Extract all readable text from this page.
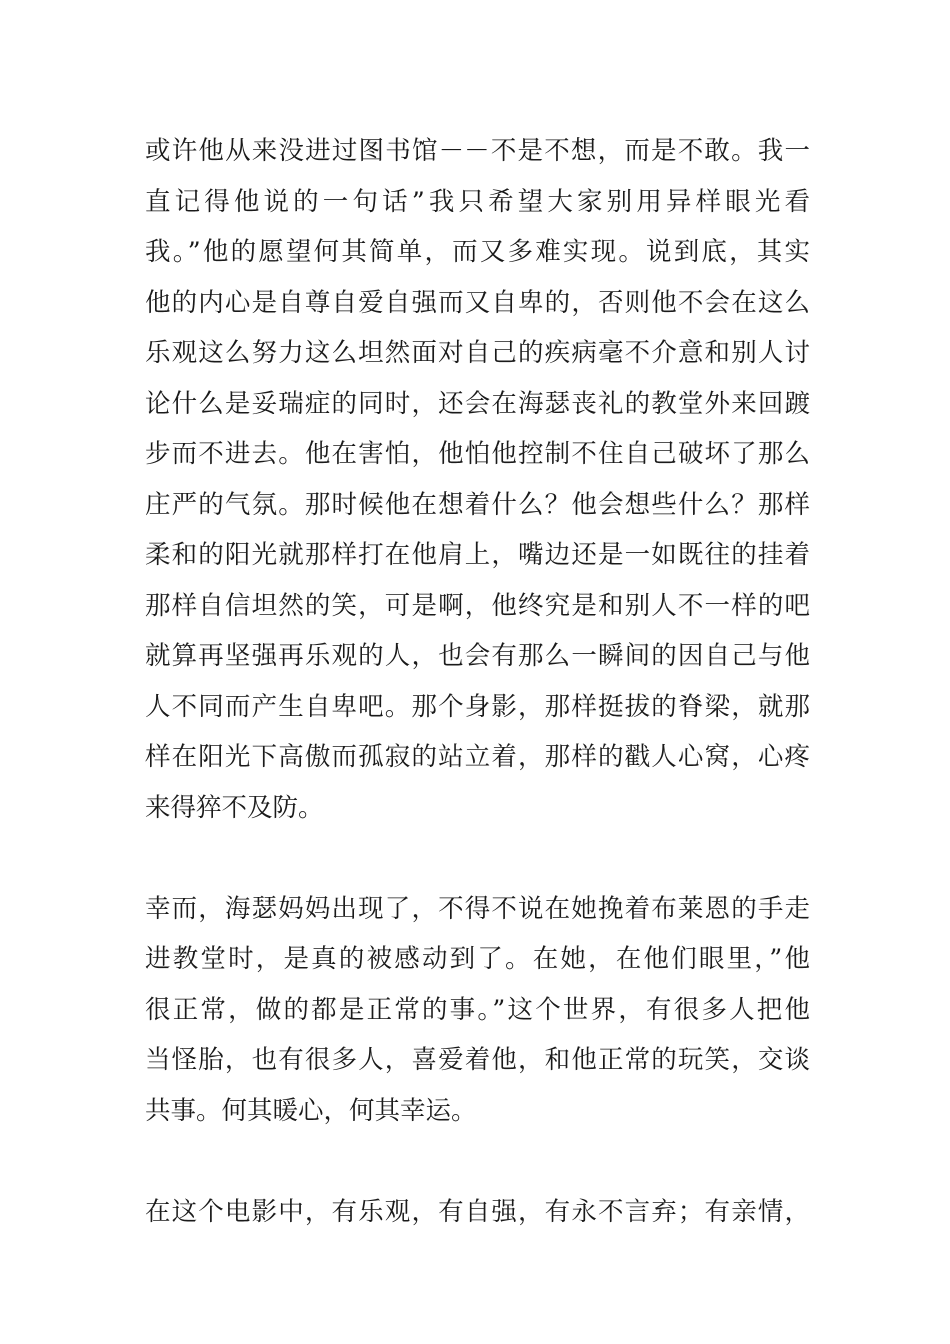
或许他从来没进过图书馆－－不是不想，而是不敢。我一
直记得他说的一句话”我只希望大家别用异样眼光看
我。”他的愿望何其简单，而又多难实现。说到底，其实
他的内心是自尊自爱自强而又自卑的，否则他不会在这么
乐观这么努力这么坦然面对自己的疾病毫不介意和别人讨
论什么是妥瑞症的同时，还会在海瑟丧礼的教堂外来回踱
步而不进去。他在害怕，他怕他控制不住自己破坏了那么
庄严的气氛。那时候他在想着什么？他会想些什么？那样
柔和的阳光就那样打在他肩上，嘴边还是一如既往的挂着
那样自信坦然的笑，可是啊，他终究是和别人不一样的吧
就算再坚强再乐观的人，也会有那么一瞬间的因自己与他
人不同而产生自卑吧。那个身影，那样挺拔的脊梁，就那
样在阳光下高傲而孤寂的站立着，那样的戳人心窝，心疼
来得猝不及防。
幸而，海瑟妈妈出现了，不得不说在她挽着布莱恩的手走
进教堂时，是真的被感动到了。在她，在他们眼里，”他
很正常，做的都是正常的事。”这个世界，有很多人把他
当怪胎，也有很多人，喜爱着他，和他正常的玩笑，交谈
共事。何其暖心，何其幸运。
在这个电影中，有乐观，有自强，有永不言弃；有亲情，
